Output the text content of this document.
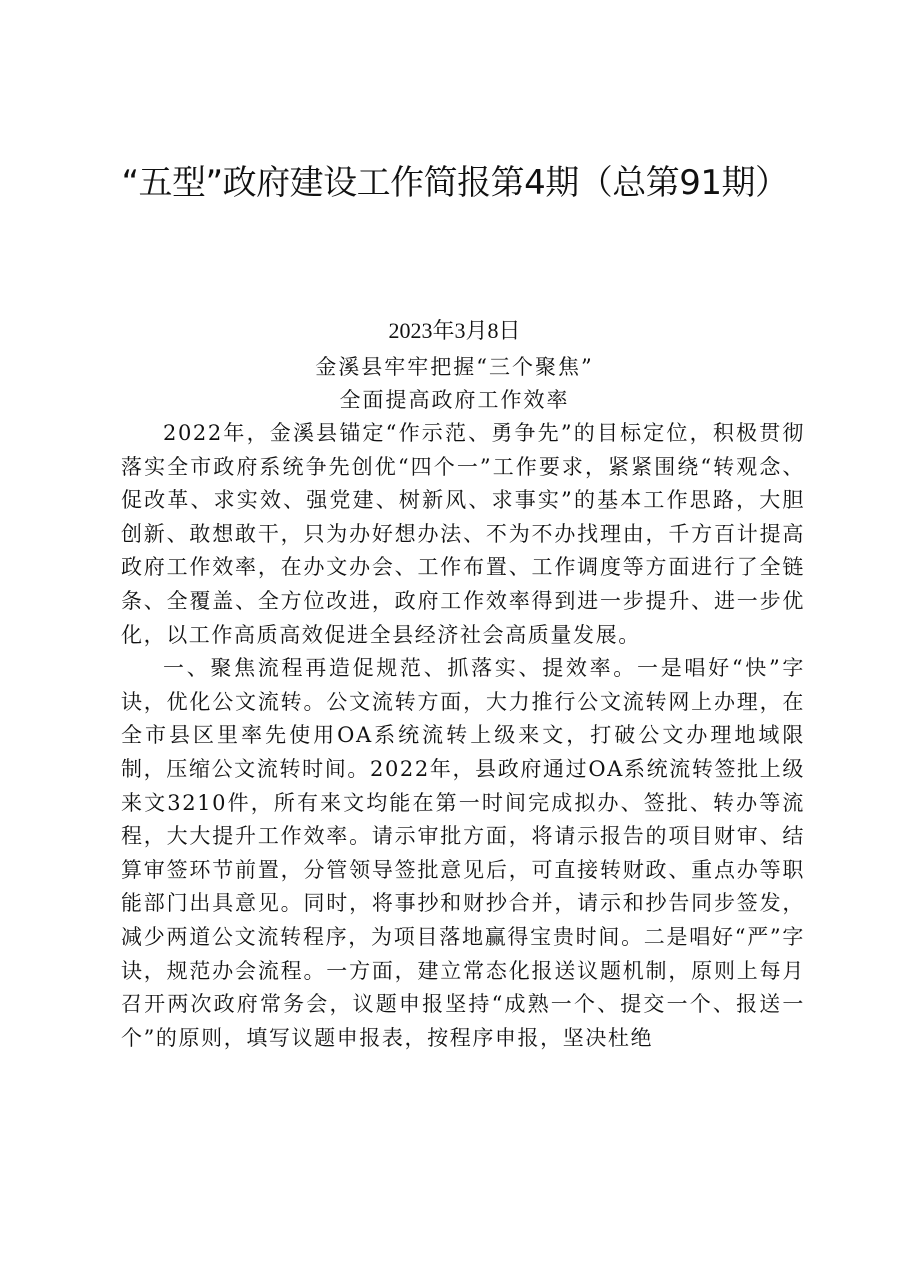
“五型”政府建设工作简报第4期（总第91期）
2023年3月8日
金溪县牢牢把握“三个聚焦”
全面提高政府工作效率

2022年，金溪县锚定“作示范、勇争先”的目标定位，积极贯彻落实全市政府系统争先创优“四个一”工作要求，紧紧围绕“转观念、促改革、求实效、强党建、树新风、求事实”的基本工作思路，大胆创新、敢想敢干，只为办好想办法、不为不办找理由，千方百计提高政府工作效率，在办文办会、工作布置、工作调度等方面进行了全链条、全覆盖、全方位改进，政府工作效率得到进一步提升、进一步优化，以工作高质高效促进全县经济社会高质量发展。

一、聚焦流程再造促规范、抓落实、提效率。一是唱好“快”字诀，优化公文流转。公文流转方面，大力推行公文流转网上办理，在全市县区里率先使用OA系统流转上级来文，打破公文办理地域限制，压缩公文流转时间。2022年，县政府通过OA系统流转签批上级来文3210件，所有来文均能在第一时间完成拟办、签批、转办等流程，大大提升工作效率。请示审批方面，将请示报告的项目财审、结算审签环节前置，分管领导签批意见后，可直接转财政、重点办等职能部门出具意见。同时，将事抄和财抄合并，请示和抄告同步签发，减少两道公文流转程序，为项目落地赢得宝贵时间。二是唱好“严”字诀，规范办会流程。一方面，建立常态化报送议题机制，原则上每月召开两次政府常务会，议题申报坚持“成熟一个、提交一个、报送一个”的原则，填写议题申报表，按程序申报，坚决杜绝
